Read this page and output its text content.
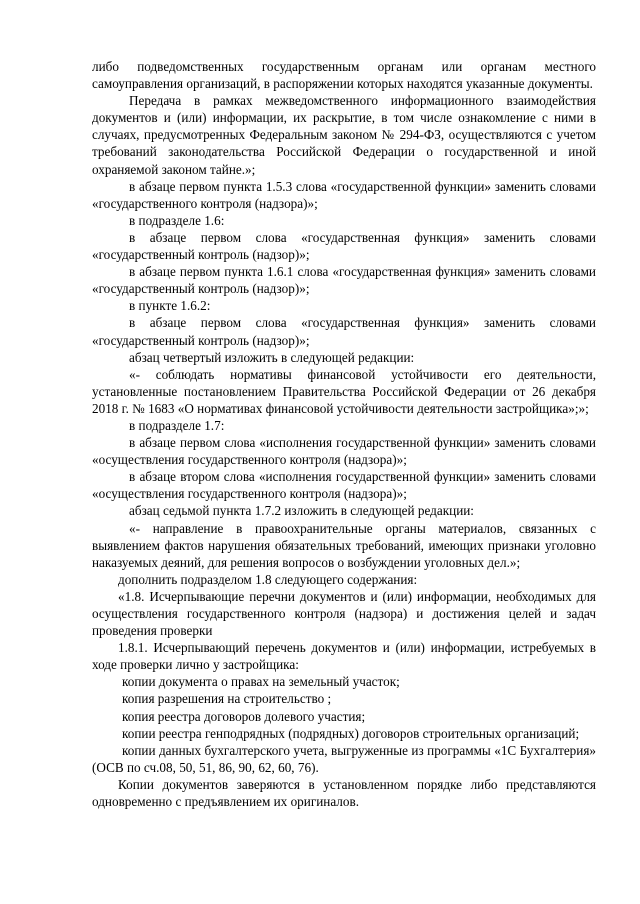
либо подведомственных государственным органам или органам местного самоуправления организаций, в распоряжении которых находятся указанные документы.

Передача в рамках межведомственного информационного взаимодействия документов и (или) информации, их раскрытие, в том числе ознакомление с ними в случаях, предусмотренных Федеральным законом № 294-ФЗ, осуществляются с учетом требований законодательства Российской Федерации о государственной и иной охраняемой законом тайне.»;

в абзаце первом пункта 1.5.3 слова «государственной функции» заменить словами «государственного контроля (надзора)»;

в подразделе 1.6:

в абзаце первом слова «государственная функция» заменить словами «государственный контроль (надзор)»;

в абзаце первом пункта 1.6.1 слова «государственная функция» заменить словами «государственный контроль (надзор)»;

в пункте 1.6.2:

в абзаце первом слова «государственная функция» заменить словами «государственный контроль (надзор)»;

абзац четвертый изложить в следующей редакции:

«- соблюдать нормативы финансовой устойчивости его деятельности, установленные постановлением Правительства Российской Федерации от 26 декабря 2018 г. № 1683 «О нормативах финансовой устойчивости деятельности застройщика»;»;

в подразделе 1.7:

в абзаце первом слова «исполнения государственной функции» заменить словами «осуществления государственного контроля (надзора)»;

в абзаце втором слова «исполнения государственной функции» заменить словами «осуществления государственного контроля (надзора)»;

абзац седьмой пункта 1.7.2 изложить в следующей редакции:

«- направление в правоохранительные органы материалов, связанных с выявлением фактов нарушения обязательных требований, имеющих признаки уголовно наказуемых деяний, для решения вопросов о возбуждении уголовных дел.»;

дополнить подразделом 1.8 следующего содержания:

«1.8. Исчерпывающие перечни документов и (или) информации, необходимых для осуществления государственного контроля (надзора) и достижения целей и задач проведения проверки

1.8.1. Исчерпывающий перечень документов и (или) информации, истребуемых в ходе проверки лично у застройщика:

копии документа о правах на земельный участок;

копия разрешения на строительство ;

копия реестра договоров долевого участия;

копии реестра генподрядных (подрядных) договоров строительных организаций;

копии данных бухгалтерского учета, выгруженные из программы «1С Бухгалтерия» (ОСВ по сч.08, 50, 51, 86, 90, 62, 60, 76).

Копии документов заверяются в установленном порядке либо представляются одновременно с предъявлением их оригиналов.
